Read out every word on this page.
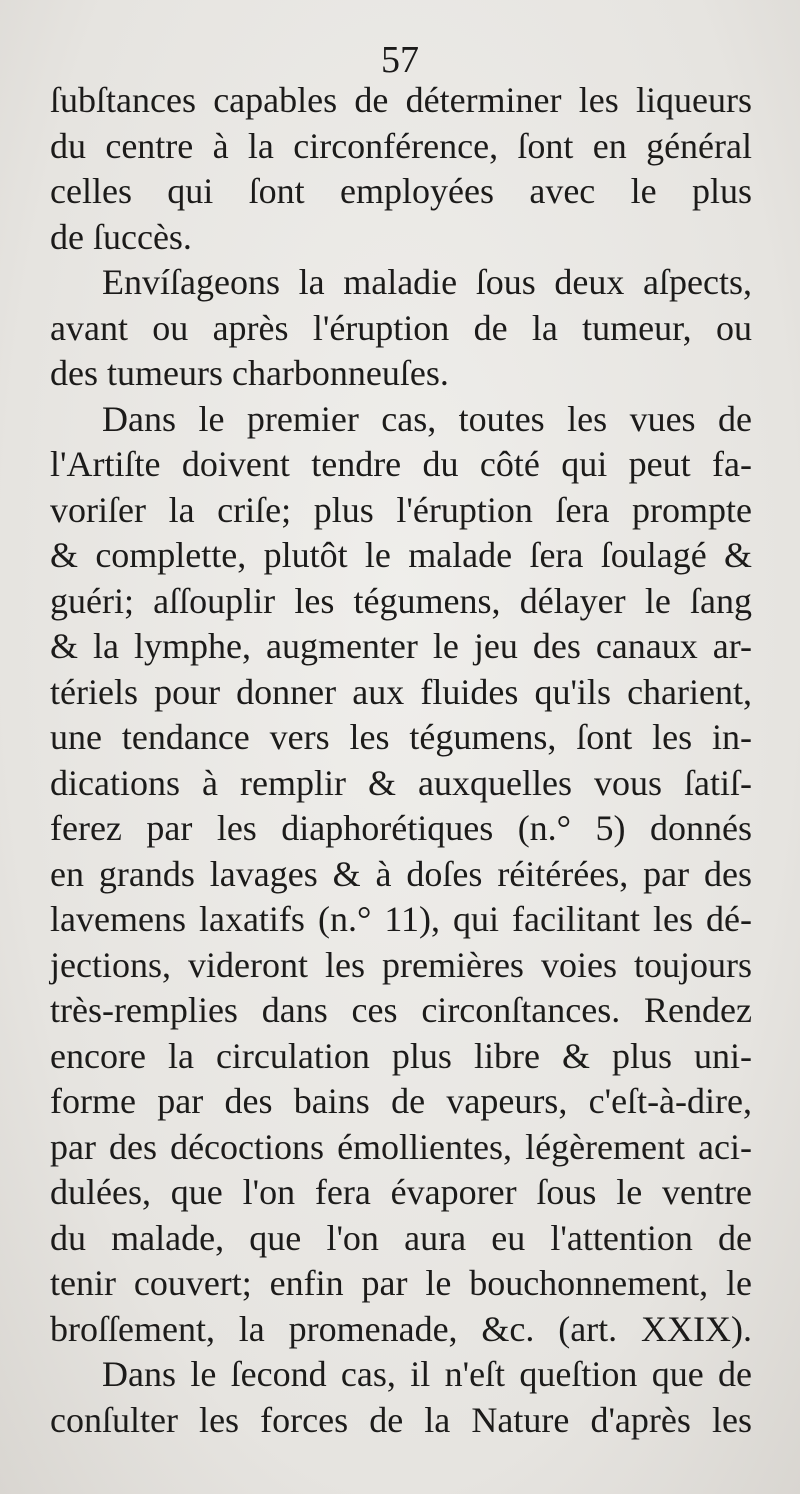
57
ſubſtances capables de déterminer les liqueurs
du centre à la circonférence, ſont en général
celles qui ſont employées avec le plus
de ſuccès.
Envíſageons la maladie ſous deux aſpects,
avant ou après l'éruption de la tumeur, ou
des tumeurs charbonneuſes.
Dans le premier cas, toutes les vues de
l'Artiſte doivent tendre du côté qui peut fa-
voriſer la criſe; plus l'éruption ſera prompte
& complette, plutôt le malade ſera ſoulagé &
guéri; aſſouplir les tégumens, délayer le ſang
& la lymphe, augmenter le jeu des canaux ar-
tériels pour donner aux fluides qu'ils charient,
une tendance vers les tégumens, ſont les in-
dications à remplir & auxquelles vous ſatiſ-
ferez par les diaphorétiques (n.° 5) donnés
en grands lavages & à doſes réitérées, par des
lavemens laxatifs (n.° 11), qui facilitant les dé-
jections, videront les premières voies toujours
très-remplies dans ces circonſtances. Rendez
encore la circulation plus libre & plus uni-
forme par des bains de vapeurs, c'eſt-à-dire,
par des décoctions émollientes, légèrement aci-
dulées, que l'on fera évaporer ſous le ventre
du malade, que l'on aura eu l'attention de
tenir couvert; enfin par le bouchonnement, le
broſſement, la promenade, &c. (art. XXIX).
Dans le ſecond cas, il n'eſt queſtion que de
conſulter les forces de la Nature d'après les
